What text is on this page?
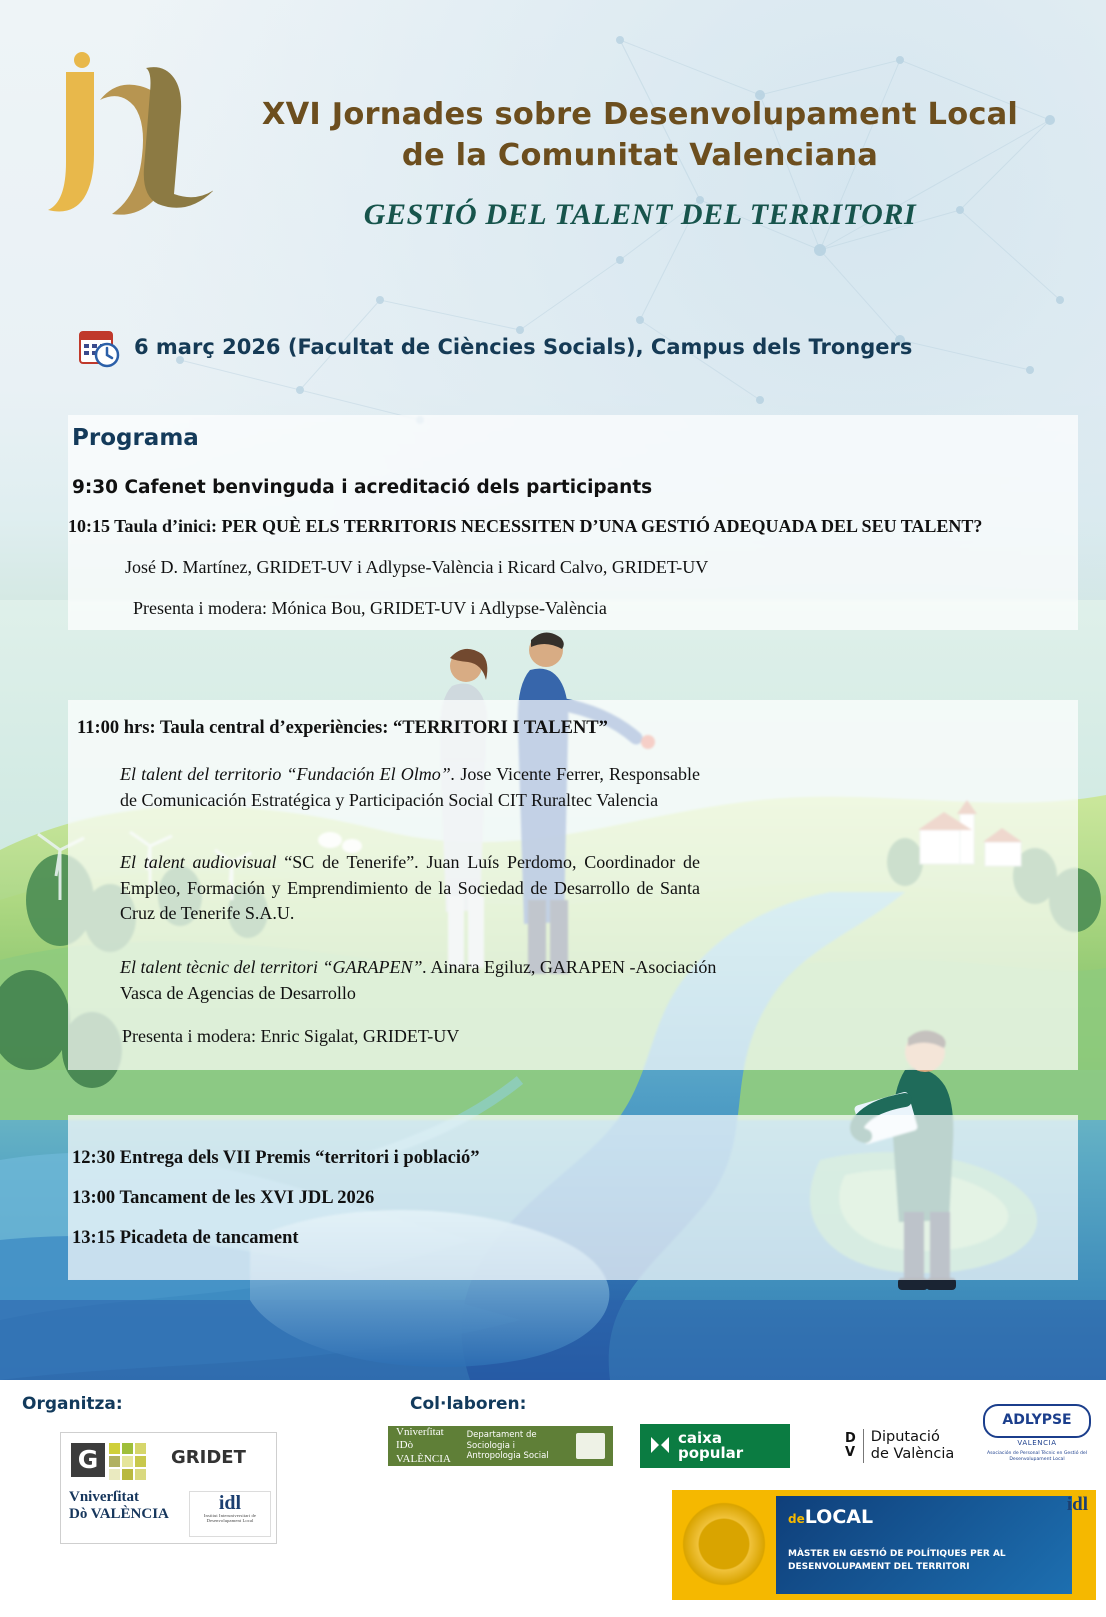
XVI Jornades sobre Desenvolupament Local
de la Comunitat Valenciana
GESTIÓ DEL TALENT DEL TERRITORI
6 març 2026 (Facultat de Ciències Socials), Campus dels Trongers
Programa
9:30 Cafenet benvinguda i acreditació dels participants
10:15 Taula d’inici: PER QUÈ ELS TERRITORIS NECESSITEN D’UNA GESTIÓ ADEQUADA DEL SEU TALENT?
José D. Martínez, GRIDET-UV i Adlypse-València i Ricard Calvo, GRIDET-UV
Presenta i modera: Mónica Bou, GRIDET-UV i Adlypse-València
11:00 hrs: Taula central d’experiències: “TERRITORI I TALENT”
El talent del territorio “Fundación El Olmo”. Jose Vicente Ferrer, Responsable de Comunicación Estratégica y Participación Social CIT Ruraltec Valencia
El talent audiovisual “SC de Tenerife”. Juan Luís Perdomo, Coordinador de Empleo, Formación y Emprendimiento de la Sociedad de Desarrollo de Santa Cruz de Tenerife S.A.U.
El talent tècnic del territori “GARAPEN”. Ainara Egiluz, GARAPEN -Asociación Vasca de Agencias de Desarrollo
Presenta i modera: Enric Sigalat, GRIDET-UV
12:30 Entrega dels VII Premis “territori i població”
13:00 Tancament de les XVI JDL 2026
13:15 Picadeta de tancament
Organitza:	Col·laboren:
G	GRIDET
Vniverſitat
Dò VALÈNCIA
idl
Institut Interuniversitari de Desenvolupament Local
Vniverſitat
IDò VALÈNCIA
Departament de Sociologia i
Antropologia Social
caixa
popular
D
V
Diputació
de València
ADLYPSE
VALENCIA
Asociación de Personal Técnic en Gestió del Desenvolupament Local
deLOCAL
MÀSTER EN GESTIÓ DE POLÍTIQUES PER AL
DESENVOLUPAMENT DEL TERRITORI
idl
